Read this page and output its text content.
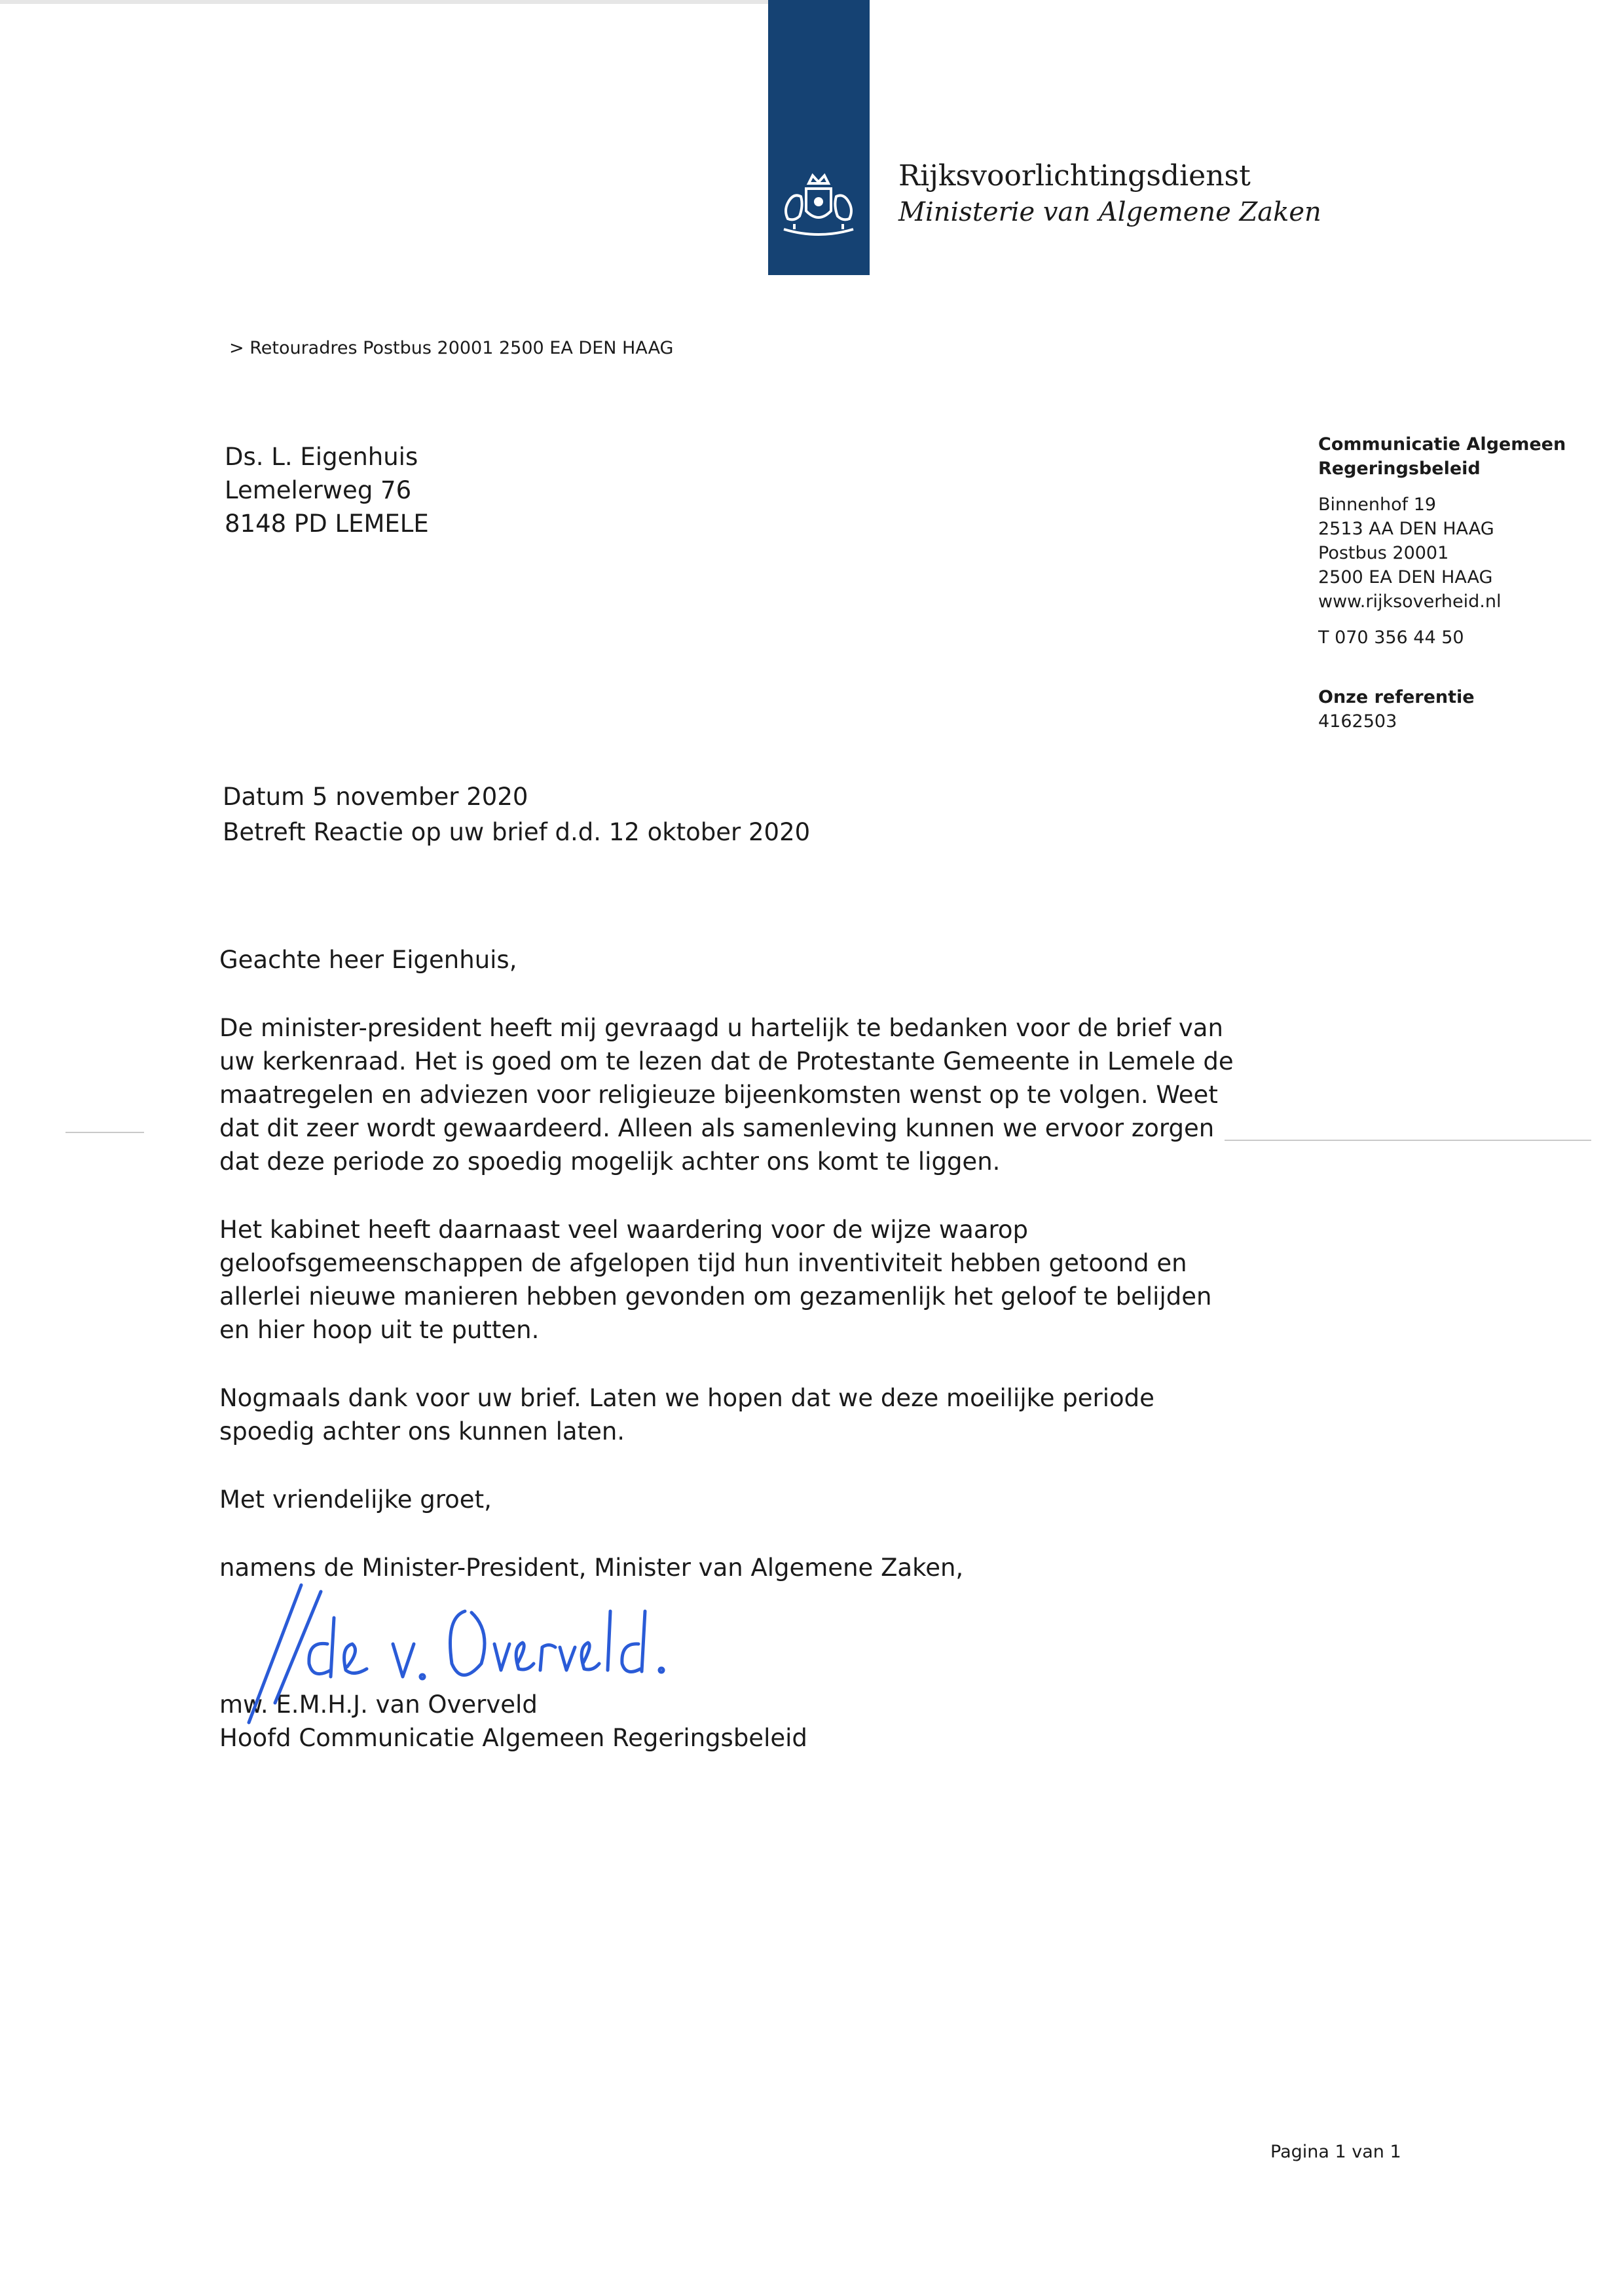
Rijksvoorlichtingsdienst
Ministerie van Algemene Zaken
> Retouradres Postbus 20001 2500 EA DEN HAAG
Ds. L. Eigenhuis
Lemelerweg 76
8148 PD LEMELE
Communicatie Algemeen
Regeringsbeleid
Binnenhof 19
2513 AA DEN HAAG
Postbus 20001
2500 EA DEN HAAG
www.rijksoverheid.nl
T 070 356 44 50
Onze referentie
4162503
Datum 5 november 2020
Betreft Reactie op uw brief d.d. 12 oktober 2020

Geachte heer Eigenhuis,

De minister-president heeft mij gevraagd u hartelijk te bedanken voor de brief van uw kerkenraad. Het is goed om te lezen dat de Protestante Gemeente in Lemele de maatregelen en adviezen voor religieuze bijeenkomsten wenst op te volgen. Weet dat dit zeer wordt gewaardeerd. Alleen als samenleving kunnen we ervoor zorgen dat deze periode zo spoedig mogelijk achter ons komt te liggen.

Het kabinet heeft daarnaast veel waardering voor de wijze waarop geloofsgemeenschappen de afgelopen tijd hun inventiviteit hebben getoond en allerlei nieuwe manieren hebben gevonden om gezamenlijk het geloof te belijden en hier hoop uit te putten.

Nogmaals dank voor uw brief. Laten we hopen dat we deze moeilijke periode spoedig achter ons kunnen laten.

Met vriendelijke groet,

namens de Minister-President, Minister van Algemene Zaken,

mw. E.M.H.J. van Overveld

Hoofd Communicatie Algemeen Regeringsbeleid

Pagina 1 van 1
